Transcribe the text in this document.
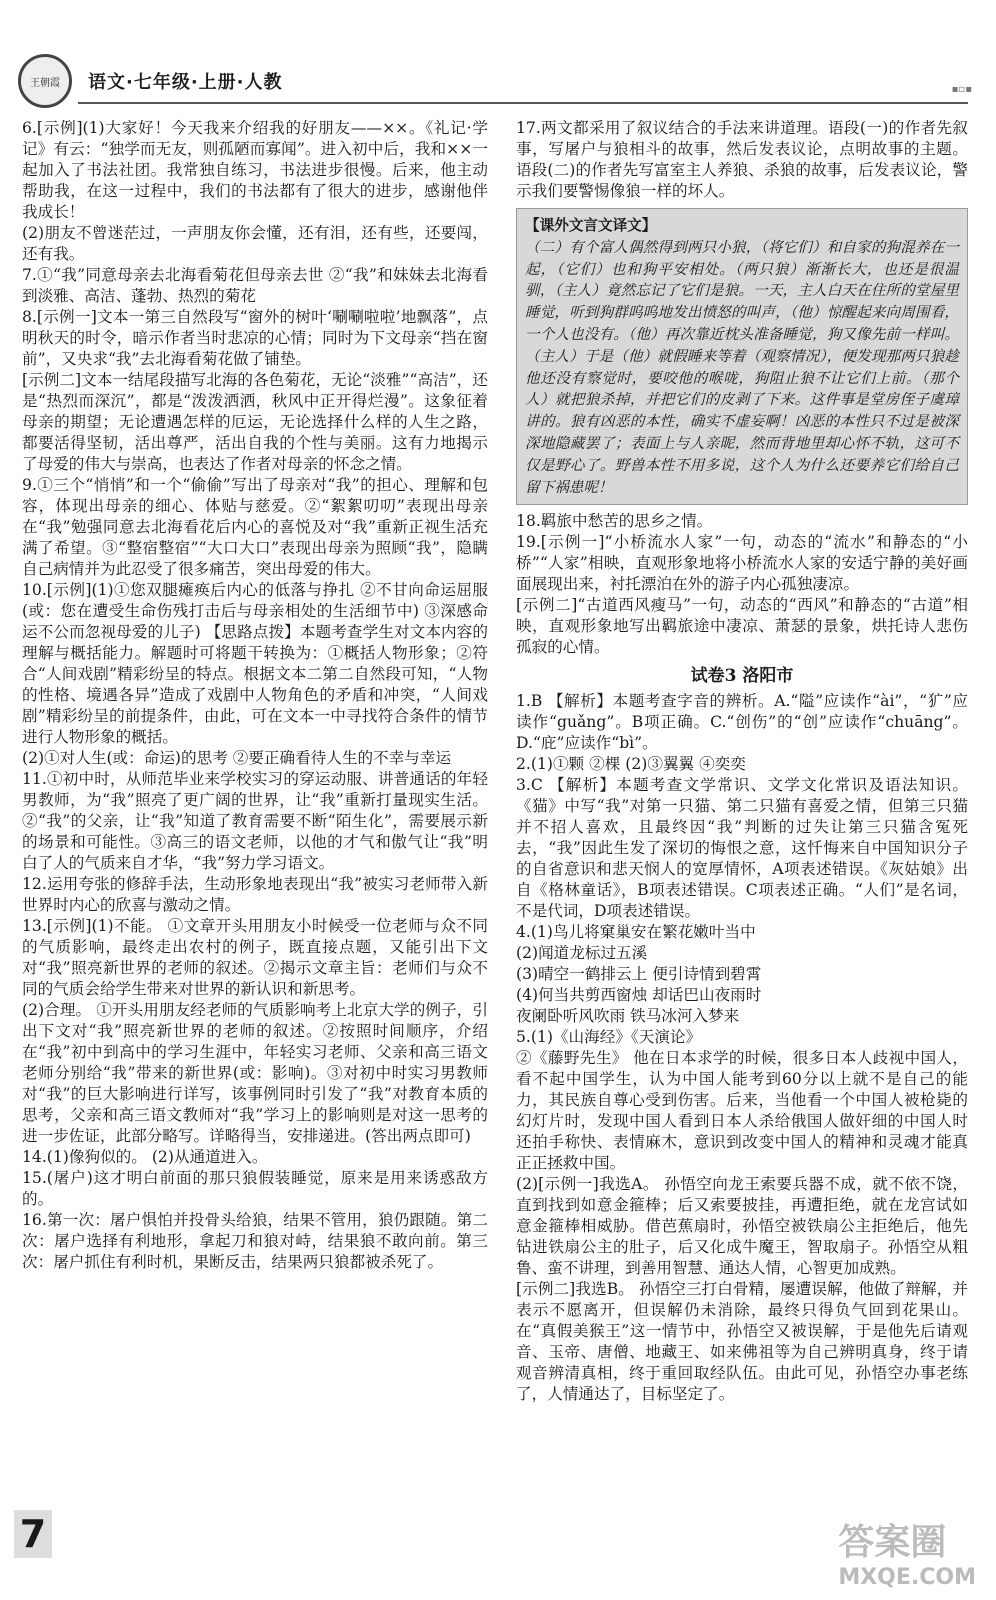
王朝霞 语文·七年级·上册·人教	▪▫▪

6.[示例](1)大家好！今天我来介绍我的好朋友——××。《礼记·学记》有云：“独学而无友，则孤陋而寡闻”。进入初中后，我和××一起加入了书法社团。我常独自练习，书法进步很慢。后来，他主动帮助我，在这一过程中，我们的书法都有了很大的进步，感谢他伴我成长！

(2)朋友不曾迷茫过，一声朋友你会懂，还有泪，还有些，还要闯，还有我。

7.①“我”同意母亲去北海看菊花但母亲去世 ②“我”和妹妹去北海看到淡雅、高洁、蓬勃、热烈的菊花

8.[示例一]文本一第三自然段写“窗外的树叶‘唰唰啦啦’地飘落”，点明秋天的时令，暗示作者当时悲凉的心情；同时为下文母亲“挡在窗前”，又央求“我”去北海看菊花做了铺垫。

[示例二]文本一结尾段描写北海的各色菊花，无论“淡雅”“高洁”，还是“热烈而深沉”，都是“泼泼洒洒，秋风中正开得烂漫”。这象征着母亲的期望；无论遭遇怎样的厄运，无论选择什么样的人生之路，都要活得坚韧，活出尊严，活出自我的个性与美丽。这有力地揭示了母爱的伟大与崇高，也表达了作者对母亲的怀念之情。

9.①三个“悄悄”和一个“偷偷”写出了母亲对“我”的担心、理解和包容，体现出母亲的细心、体贴与慈爱。②“絮絮叨叨”表现出母亲在“我”勉强同意去北海看花后内心的喜悦及对“我”重新正视生活充满了希望。③“整宿整宿”“大口大口”表现出母亲为照顾“我”，隐瞒自己病情并为此忍受了很多痛苦，突出母爱的伟大。

10.[示例](1)①您双腿瘫痪后内心的低落与挣扎 ②不甘向命运屈服(或：您在遭受生命伤残打击后与母亲相处的生活细节中) ③深感命运不公而忽视母爱的儿子) 【思路点拨】本题考查学生对文本内容的理解与概括能力。解题时可将题干转换为：①概括人物形象；②符合“人间戏剧”精彩纷呈的特点。根据文本二第二自然段可知，“人物的性格、境遇各异”造成了戏剧中人物角色的矛盾和冲突，“人间戏剧”精彩纷呈的前提条件，由此，可在文本一中寻找符合条件的情节进行人物形象的概括。

(2)①对人生(或：命运)的思考 ②要正确看待人生的不幸与幸运

11.①初中时，从师范毕业来学校实习的穿运动服、讲普通话的年轻男教师，为“我”照亮了更广阔的世界，让“我”重新打量现实生活。②“我”的父亲，让“我”知道了教育需要不断“陌生化”，需要展示新的场景和可能性。③高三的语文老师，以他的才气和傲气让“我”明白了人的气质来自才华，“我”努力学习语文。

12.运用夸张的修辞手法，生动形象地表现出“我”被实习老师带入新世界时内心的欣喜与激动之情。

13.[示例](1)不能。 ①文章开头用朋友小时候受一位老师与众不同的气质影响，最终走出农村的例子，既直接点题，又能引出下文对“我”照亮新世界的老师的叙述。②揭示文章主旨：老师们与众不同的气质会给学生带来对世界的新认识和新思考。

(2)合理。 ①开头用朋友经老师的气质影响考上北京大学的例子，引出下文对“我”照亮新世界的老师的叙述。②按照时间顺序，介绍在“我”初中到高中的学习生涯中，年轻实习老师、父亲和高三语文老师分别给“我”带来的新世界(或：影响)。③对初中时实习男教师对“我”的巨大影响进行详写，该事例同时引发了“我”对教育本质的思考，父亲和高三语文教师对“我”学习上的影响则是对这一思考的进一步佐证，此部分略写。详略得当，安排递进。(答出两点即可)

14.(1)像狗似的。 (2)从通道进入。

15.(屠户)这才明白前面的那只狼假装睡觉，原来是用来诱惑敌方的。

16.第一次：屠户惧怕并投骨头给狼，结果不管用，狼仍跟随。第二次：屠户选择有利地形，拿起刀和狼对峙，结果狼不敢向前。第三次：屠户抓住有利时机，果断反击，结果两只狼都被杀死了。

17.两文都采用了叙议结合的手法来讲道理。语段(一)的作者先叙事，写屠户与狼相斗的故事，然后发表议论，点明故事的主题。语段(二)的作者先写富室主人养狼、杀狼的故事，后发表议论，警示我们要警惕像狼一样的坏人。

【课外文言文译文】

（二）有个富人偶然得到两只小狼，（将它们）和自家的狗混养在一起，（它们）也和狗平安相处。（两只狼）渐渐长大，也还是很温驯，（主人）竟然忘记了它们是狼。一天，主人白天在住所的堂屋里睡觉，听到狗群呜呜地发出愤怒的叫声，（他）惊醒起来向周围看，一个人也没有。（他）再次靠近枕头准备睡觉，狗又像先前一样叫。（主人）于是（他）就假睡来等着（观察情况），便发现那两只狼趁他还没有察觉时，要咬他的喉咙，狗阻止狼不让它们上前。（那个人）就把狼杀掉，并把它们的皮剥了下来。这件事是堂房侄子虞璋讲的。狼有凶恶的本性，确实不虚妄啊！凶恶的本性只不过是被深深地隐藏罢了；表面上与人亲昵，然而背地里却心怀不轨，这可不仅是野心了。野兽本性不用多说，这个人为什么还要养它们给自己留下祸患呢！

18.羁旅中愁苦的思乡之情。

19.[示例一]“小桥流水人家”一句，动态的“流水”和静态的“小桥”“人家”相映，直观形象地将小桥流水人家的安适宁静的美好画面展现出来，衬托漂泊在外的游子内心孤独凄凉。

[示例二]“古道西风瘦马”一句，动态的“西风”和静态的“古道”相映，直观形象地写出羁旅途中凄凉、萧瑟的景象，烘托诗人悲伤孤寂的心情。

试卷3 洛阳市

1.B 【解析】本题考查字音的辨析。A.“隘”应读作“ài”，“犷”应读作“guǎng”。B项正确。C.“创伤”的“创”应读作“chuāng”。D.“庇”应读作“bì”。

2.(1)①颗 ②棵 (2)③翼翼 ④奕奕

3.C 【解析】本题考查文学常识、文学文化常识及语法知识。《猫》中写“我”对第一只猫、第二只猫有喜爱之情，但第三只猫并不招人喜欢，且最终因“我”判断的过失让第三只猫含冤死去，“我”因此生发了深切的悔恨之意，这忏悔来自中国知识分子的自省意识和悲天悯人的宽厚情怀，A项表述错误。《灰姑娘》出自《格林童话》，B项表述错误。C项表述正确。“人们”是名词，不是代词，D项表述错误。

4.(1)鸟儿将窠巢安在繁花嫩叶当中

(2)闻道龙标过五溪

(3)晴空一鹤排云上 便引诗情到碧霄

(4)何当共剪西窗烛 却话巴山夜雨时

夜阑卧听风吹雨 铁马冰河入梦来

5.(1)《山海经》《天演论》

②《藤野先生》 他在日本求学的时候，很多日本人歧视中国人，看不起中国学生，认为中国人能考到60分以上就不是自己的能力，其民族自尊心受到伤害。后来，当他看一个中国人被枪毙的幻灯片时，发现中国人看到日本人杀给俄国人做奸细的中国人时还拍手称快、表情麻木，意识到改变中国人的精神和灵魂才能真正正拯救中国。

(2)[示例一]我选A。 孙悟空向龙王索要兵器不成，就不依不饶，直到找到如意金箍棒；后又索要披挂，再遭拒绝，就在龙宫试如意金箍棒相威胁。借芭蕉扇时，孙悟空被铁扇公主拒绝后，他先钻进铁扇公主的肚子，后又化成牛魔王，智取扇子。孙悟空从粗鲁、蛮不讲理，到善用智慧、通达人情，心智更加成熟。

[示例二]我选B。 孙悟空三打白骨精，屡遭误解，他做了辩解，并表示不愿离开，但误解仍未消除，最终只得负气回到花果山。在“真假美猴王”这一情节中，孙悟空又被误解，于是他先后请观音、玉帝、唐僧、地藏王、如来佛祖等为自己辨明真身，终于请观音辨清真相，终于重回取经队伍。由此可见，孙悟空办事老练了，人情通达了，目标坚定了。

7	答案圈
MXQE.COM
